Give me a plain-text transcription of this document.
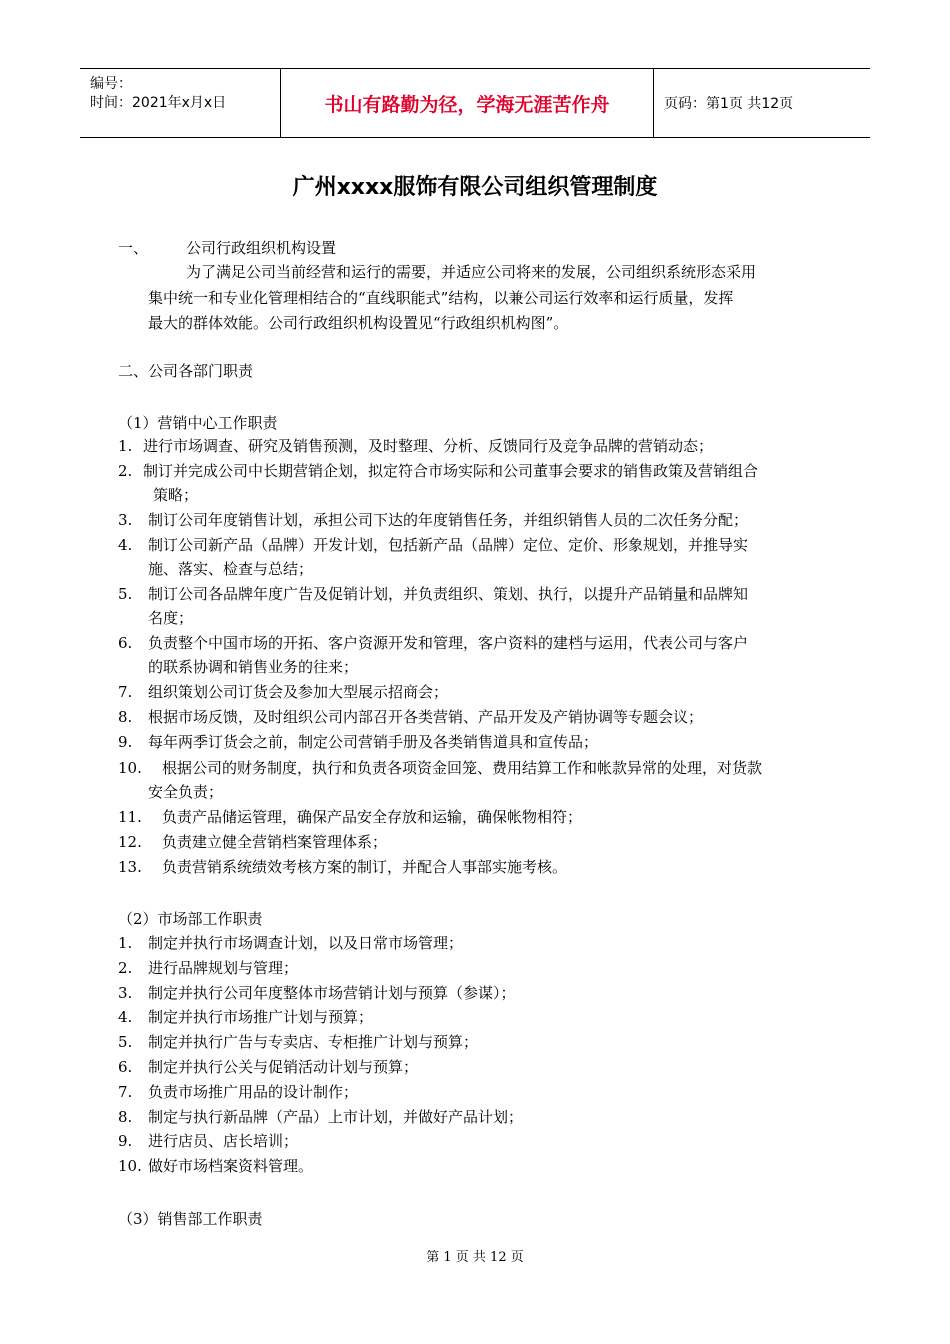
编号：
时间：2021年x月x日	书山有路勤为径，学海无涯苦作舟	页码：第1页 共12页
广州xxxx服饰有限公司组织管理制度
一、	公司行政组织机构设置
为了满足公司当前经营和运行的需要，并适应公司将来的发展，公司组织系统形态采用
集中统一和专业化管理相结合的“直线职能式”结构，以兼公司运行效率和运行质量，发挥
最大的群体效能。公司行政组织机构设置见“行政组织机构图”。
二、公司各部门职责
（1）营销中心工作职责
1. 进行市场调查、研究及销售预测，及时整理、分析、反馈同行及竞争品牌的营销动态；
2. 制订并完成公司中长期营销企划，拟定符合市场实际和公司董事会要求的销售政策及营销组合
策略；
3. 制订公司年度销售计划，承担公司下达的年度销售任务，并组织销售人员的二次任务分配；
4. 制订公司新产品（品牌）开发计划，包括新产品（品牌）定位、定价、形象规划，并推导实
施、落实、检查与总结；
5. 制订公司各品牌年度广告及促销计划，并负责组织、策划、执行，以提升产品销量和品牌知
名度；
6. 负责整个中国市场的开拓、客户资源开发和管理，客户资料的建档与运用，代表公司与客户
的联系协调和销售业务的往来；
7. 组织策划公司订货会及参加大型展示招商会；
8. 根据市场反馈，及时组织公司内部召开各类营销、产品开发及产销协调等专题会议；
9. 每年两季订货会之前，制定公司营销手册及各类销售道具和宣传品；
10. 根据公司的财务制度，执行和负责各项资金回笼、费用结算工作和帐款异常的处理，对货款
安全负责；
11. 负责产品储运管理，确保产品安全存放和运输，确保帐物相符；
12. 负责建立健全营销档案管理体系；
13. 负责营销系统绩效考核方案的制订，并配合人事部实施考核。
（2）市场部工作职责
1. 制定并执行市场调查计划，以及日常市场管理；
2. 进行品牌规划与管理；
3. 制定并执行公司年度整体市场营销计划与预算（参谋）；
4. 制定并执行市场推广计划与预算；
5. 制定并执行广告与专卖店、专柜推广计划与预算；
6. 制定并执行公关与促销活动计划与预算；
7. 负责市场推广用品的设计制作；
8. 制定与执行新品牌（产品）上市计划，并做好产品计划；
9. 进行店员、店长培训；
10. 做好市场档案资料管理。
（3）销售部工作职责
第 1 页 共 12 页
